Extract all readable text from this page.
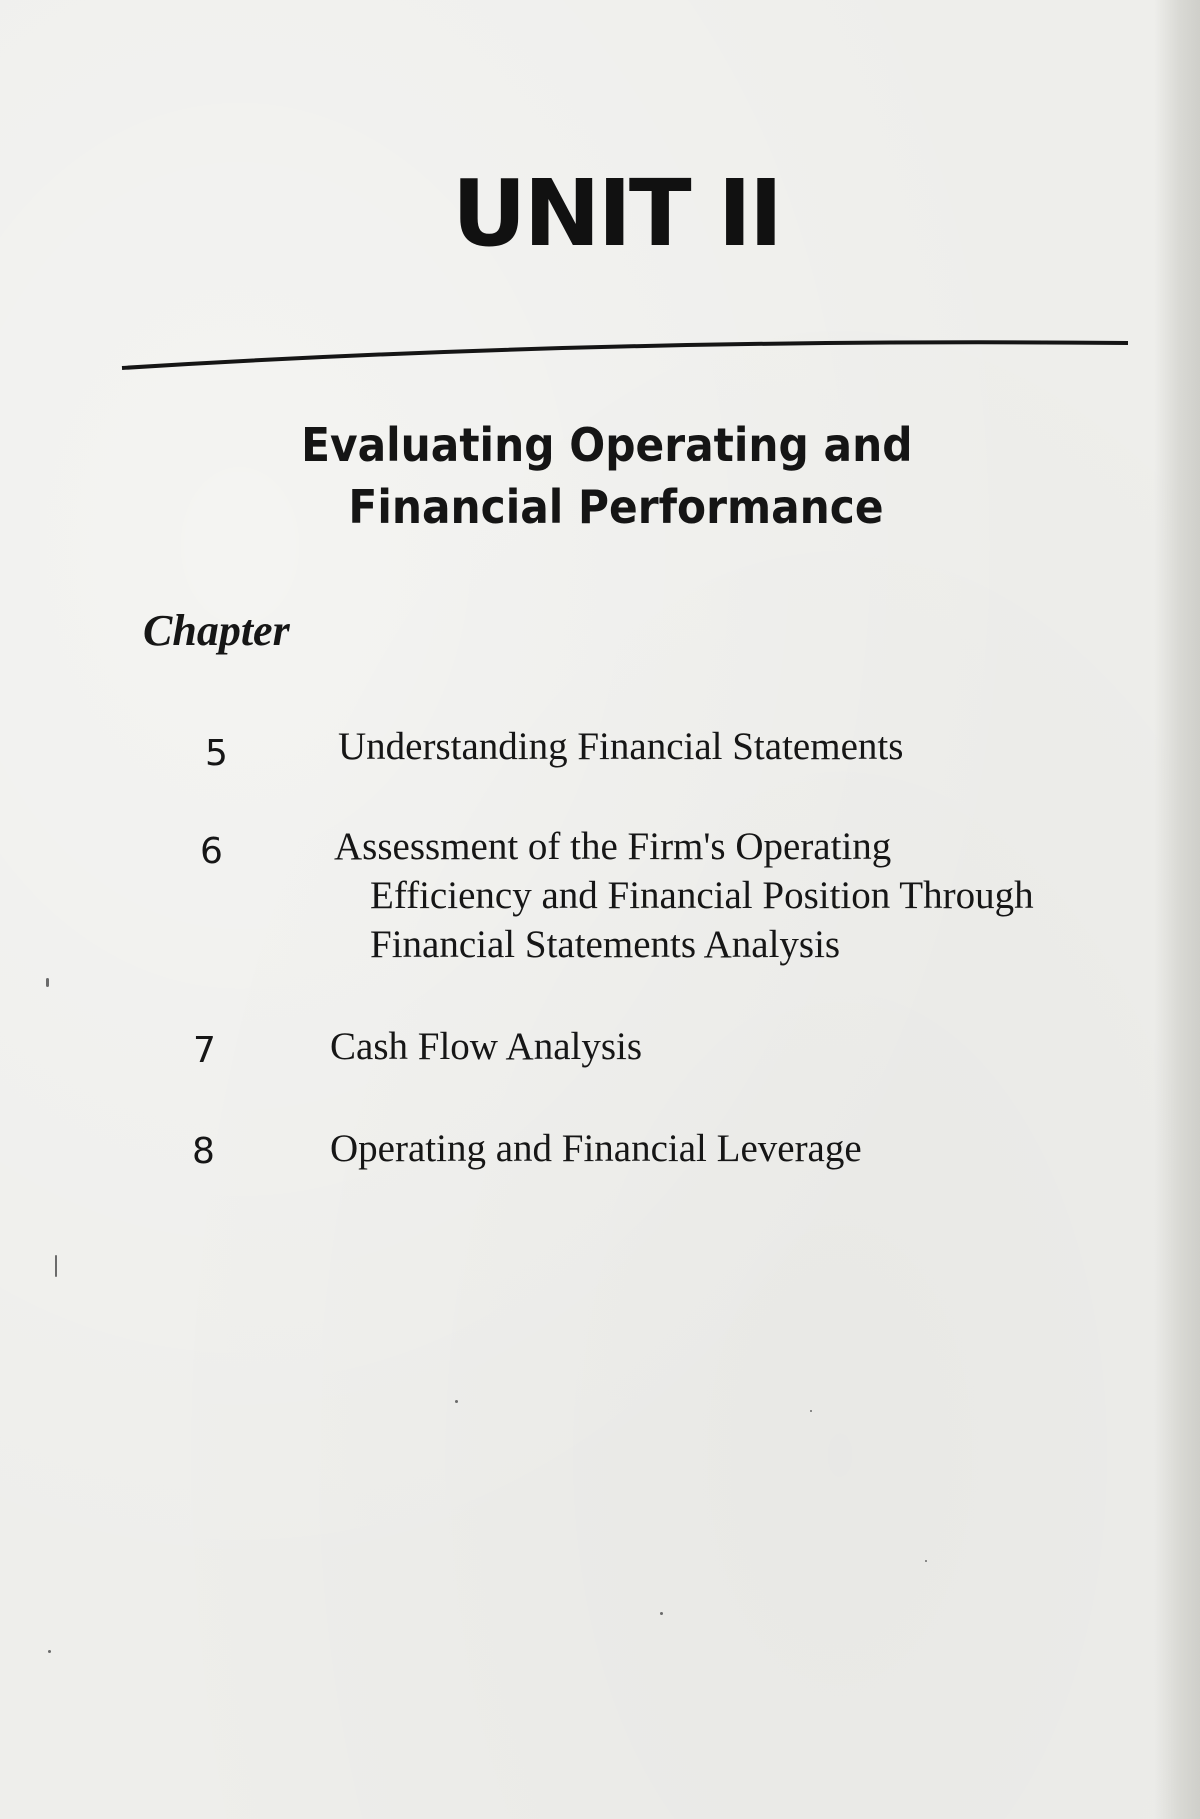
UNIT II
Evaluating Operating and
Financial Performance
Chapter
5	Understanding Financial Statements
6	Assessment of the Firm's Operating
Efficiency and Financial Position Through
Financial Statements Analysis
7	Cash Flow Analysis
8	Operating and Financial Leverage
